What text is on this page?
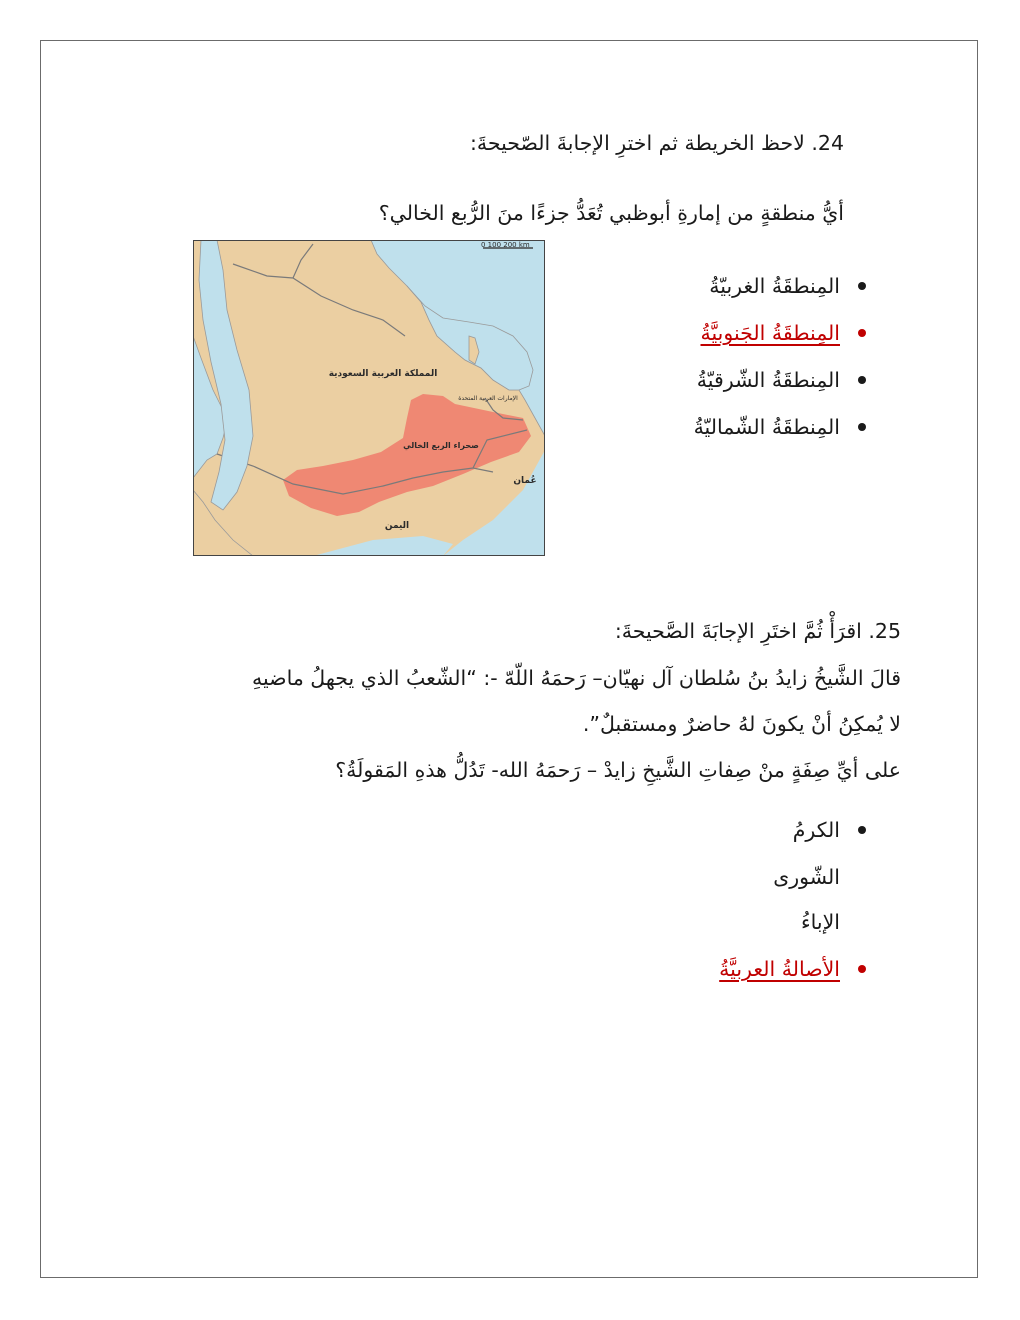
24. لاحظ الخريطة ثم اخترِ الإجابةَ الصّحيحةَ:
أيُّ منطقةٍ من إمارةِ أبوظبي تُعَدُّ جزءًا منَ الرُّبع الخالي؟
المِنطقَةُ الغربيّةُ
المِنطقَةُ الجَنوبيَّةُ
المِنطقَةُ الشّرقيّةُ
المِنطقَةُ الشّماليّةُ
0 100 200 km
المملكة العربية السعودية
الإمارات العربية المتحدة
صحراء الربع الخالي
عُمان
اليمن
25. اقرَأْ ثُمَّ اختَرِ الإجابَةَ الصَّحيحةَ:
قالَ الشَّيخُ زايدُ بنُ سُلطان آل نهيّان– رَحمَهُ اللّهّ -: “الشّعبُ الذي يجهلُ ماضيهِ
لا يُمكِنُ أنْ يكونَ لهُ حاضرٌ ومستقبلٌ”.
على أيِّ صِفَةٍ منْ صِفاتِ الشَّيخِ زايدْ – رَحمَهُ الله- تَدُلُّ هذهِ المَقولَةُ؟
الكرمُ
الشّورى
الإباءُ
الأصالةُ العربيَّةُ
